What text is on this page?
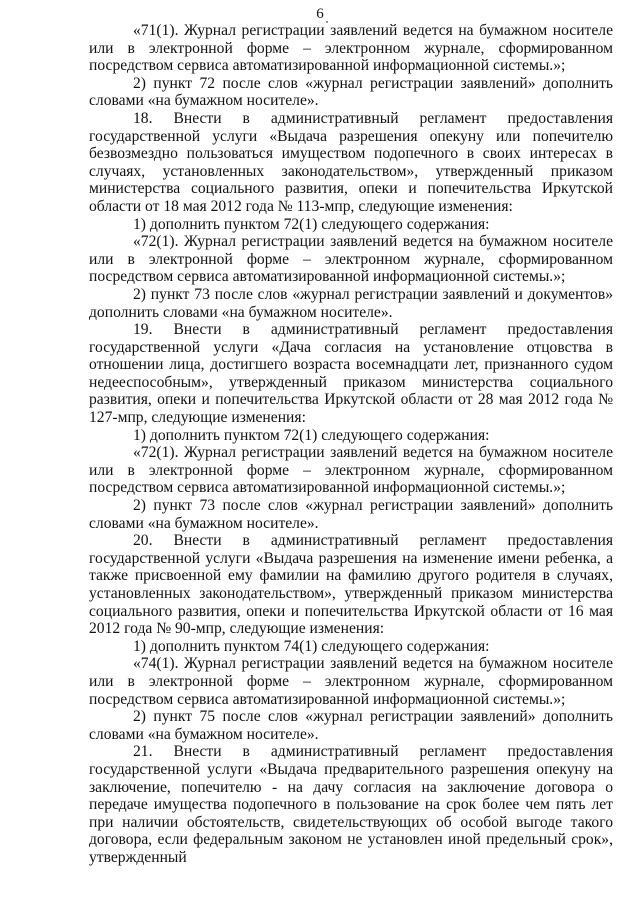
6

«71(1). Журнал регистрации заявлений ведется на бумажном носителе или в электронной форме – электронном журнале, сформированном посредством сервиса автоматизированной информационной системы.»;

2) пункт 72 после слов «журнал регистрации заявлений» дополнить словами «на бумажном носителе».

18. Внести в административный регламент предоставления государственной услуги «Выдача разрешения опекуну или попечителю безвозмездно пользоваться имуществом подопечного в своих интересах в случаях, установленных законодательством», утвержденный приказом министерства социального развития, опеки и попечительства Иркутской области от 18 мая 2012 года № 113-мпр, следующие изменения:

1) дополнить пунктом 72(1) следующего содержания:

«72(1). Журнал регистрации заявлений ведется на бумажном носителе или в электронной форме – электронном журнале, сформированном посредством сервиса автоматизированной информационной системы.»;

2) пункт 73 после слов «журнал регистрации заявлений и документов» дополнить словами «на бумажном носителе».

19. Внести в административный регламент предоставления государственной услуги «Дача согласия на установление отцовства в отношении лица, достигшего возраста восемнадцати лет, признанного судом недееспособным», утвержденный приказом министерства социального развития, опеки и попечительства Иркутской области от 28 мая 2012 года № 127-мпр, следующие изменения:

1) дополнить пунктом 72(1) следующего содержания:

«72(1). Журнал регистрации заявлений ведется на бумажном носителе или в электронной форме – электронном журнале, сформированном посредством сервиса автоматизированной информационной системы.»;

2) пункт 73 после слов «журнал регистрации заявлений» дополнить словами «на бумажном носителе».

20. Внести в административный регламент предоставления государственной услуги «Выдача разрешения на изменение имени ребенка, а также присвоенной ему фамилии на фамилию другого родителя в случаях, установленных законодательством», утвержденный приказом министерства социального развития, опеки и попечительства Иркутской области от 16 мая 2012 года № 90-мпр, следующие изменения:

1) дополнить пунктом 74(1) следующего содержания:

«74(1). Журнал регистрации заявлений ведется на бумажном носителе или в электронной форме – электронном журнале, сформированном посредством сервиса автоматизированной информационной системы.»;

2) пункт 75 после слов «журнал регистрации заявлений» дополнить словами «на бумажном носителе».

21. Внести в административный регламент предоставления государственной услуги «Выдача предварительного разрешения опекуну на заключение, попечителю - на дачу согласия на заключение договора о передаче имущества подопечного в пользование на срок более чем пять лет при наличии обстоятельств, свидетельствующих об особой выгоде такого договора, если федеральным законом не установлен иной предельный срок», утвержденный
